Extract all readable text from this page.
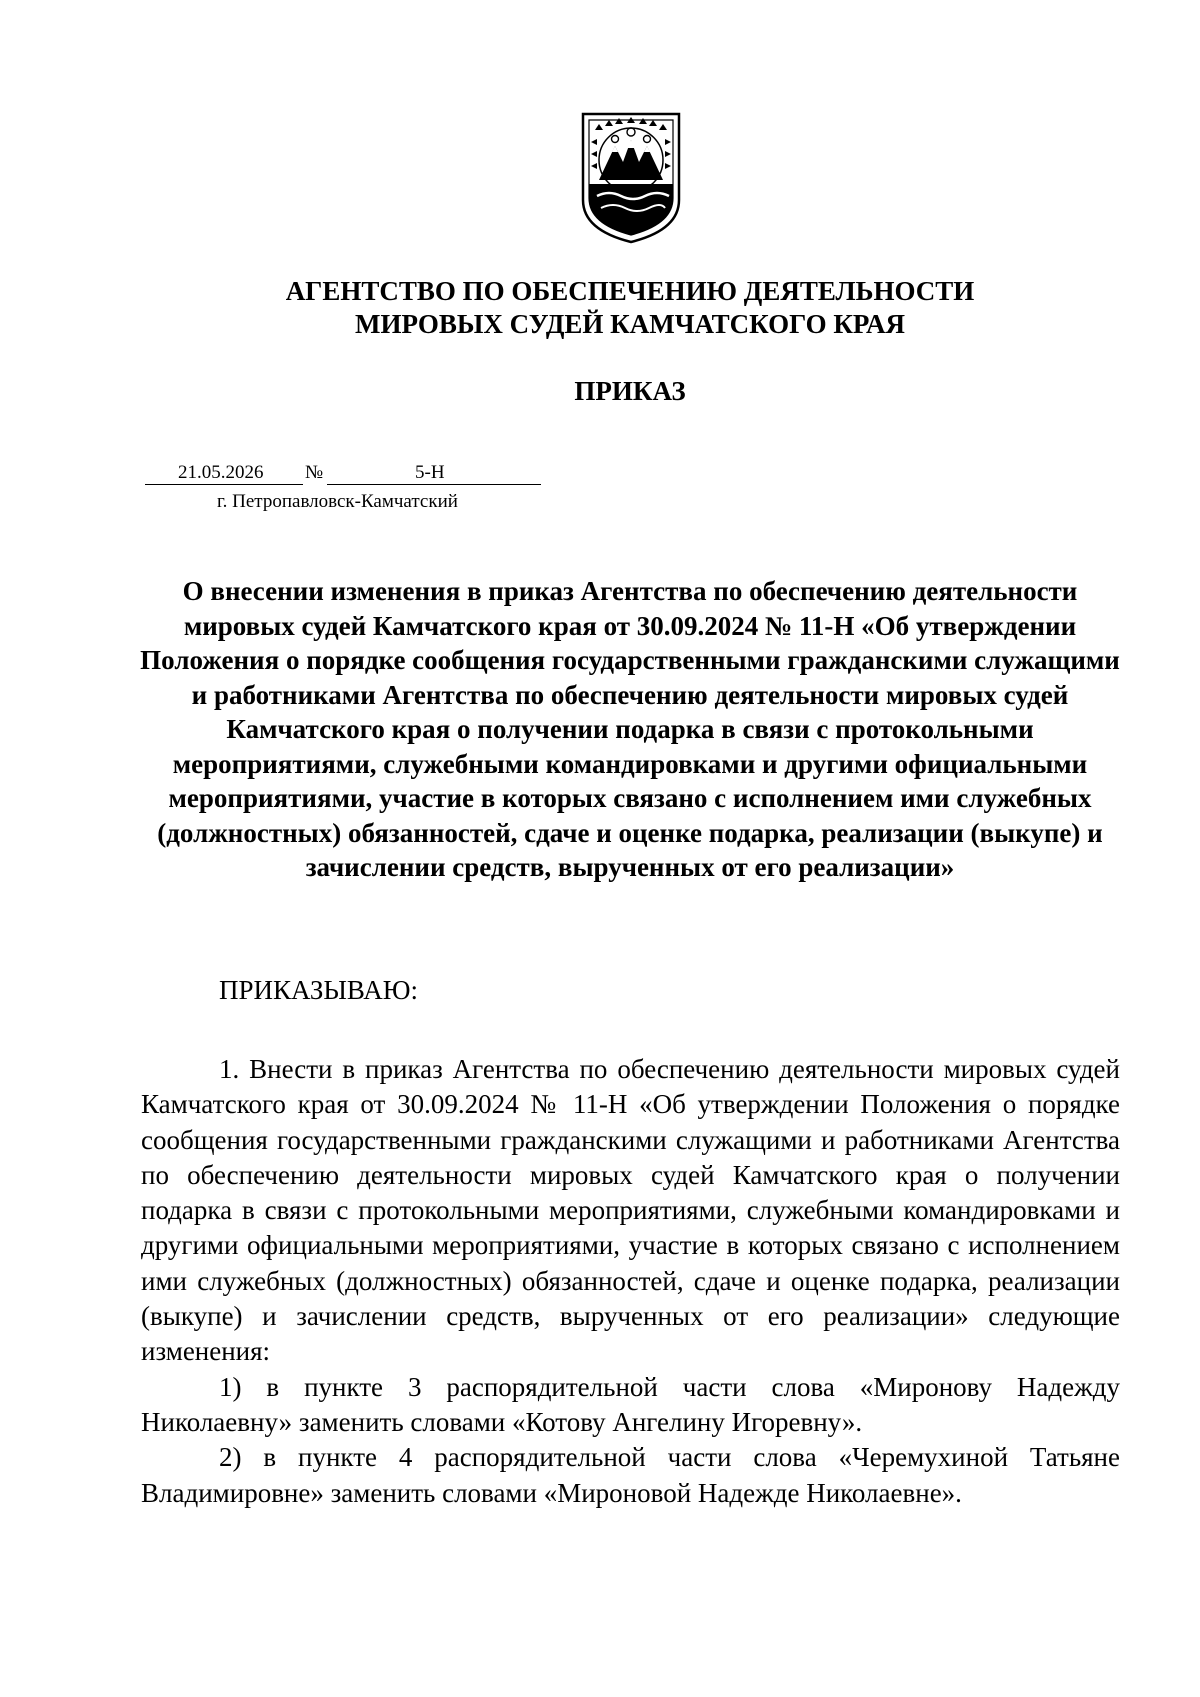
АГЕНТСТВО ПО ОБЕСПЕЧЕНИЮ ДЕЯТЕЛЬНОСТИ
МИРОВЫХ СУДЕЙ КАМЧАТСКОГО КРАЯ
ПРИКАЗ
21.05.2026 №	5-Н
г. Петропавловск-Камчатский
О внесении изменения в приказ Агентства по обеспечению деятельности мировых судей Камчатского края от 30.09.2024 № 11-Н «Об утверждении Положения о порядке сообщения государственными гражданскими служащими и работниками Агентства по обеспечению деятельности мировых судей Камчатского края о получении подарка в связи с протокольными мероприятиями, служебными командировками и другими официальными мероприятиями, участие в которых связано с исполнением ими служебных (должностных) обязанностей, сдаче и оценке подарка, реализации (выкупе) и зачислении средств, вырученных от его реализации»
ПРИКАЗЫВАЮ:

1. Внести в приказ Агентства по обеспечению деятельности мировых судей Камчатского края от 30.09.2024 № 11-Н «Об утверждении Положения о порядке сообщения государственными гражданскими служащими и работниками Агентства по обеспечению деятельности мировых судей Камчатского края о получении подарка в связи с протокольными мероприятиями, служебными командировками и другими официальными мероприятиями, участие в которых связано с исполнением ими служебных (должностных) обязанностей, сдаче и оценке подарка, реализации (выкупе) и зачислении средств, вырученных от его реализации» следующие изменения:

1) в пункте 3 распорядительной части слова «Миронову Надежду Николаевну» заменить словами «Котову Ангелину Игоревну».

2) в пункте 4 распорядительной части слова «Черемухиной Татьяне Владимировне» заменить словами «Мироновой Надежде Николаевне».
